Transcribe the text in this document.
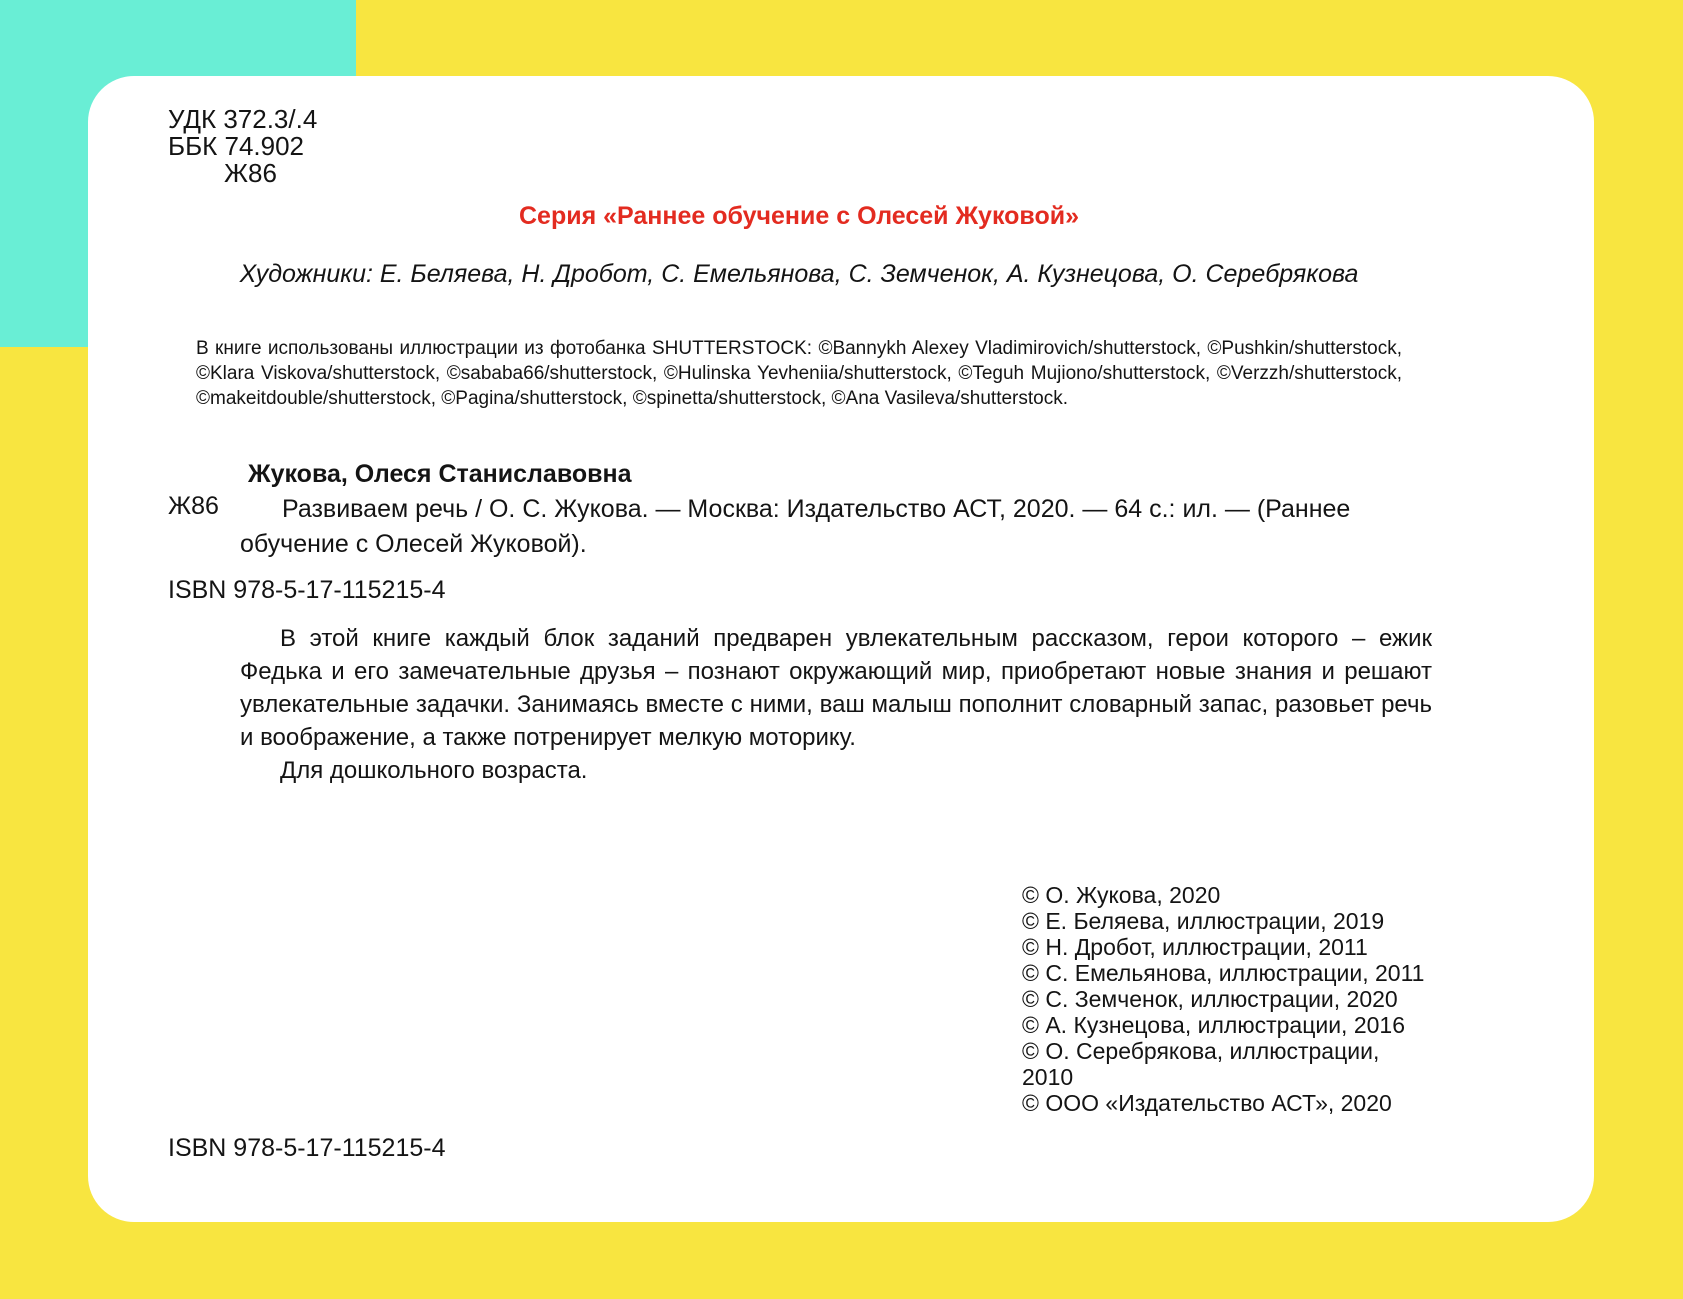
УДК 372.3/.4
ББК 74.902
Ж86
Серия «Раннее обучение с Олесей Жуковой»
Художники: Е. Беляева, Н. Дробот, С. Емельянова, С. Земченок, А. Кузнецова, О. Серебрякова
В книге использованы иллюстрации из фотобанка SHUTTERSTOCK: ©Bannykh Alexey Vladimirovich/shutterstock, ©Pushkin/shutterstock, ©Klara Viskova/shutterstock, ©sababa66/shutterstock, ©Hulinska Yevheniia/shutterstock, ©Teguh Mujiono/shutterstock, ©Verzzh/shutterstock, ©makeitdouble/shutterstock, ©Pagina/shutterstock, ©spinetta/shutterstock, ©Ana Vasileva/shutterstock.
Жукова, Олеся Станиславовна
Ж86	Развиваем речь / О. С. Жукова. — Москва: Издательство АСТ, 2020. — 64 с.: ил. — (Раннее обучение с Олесей Жуковой).
ISBN 978-5-17-115215-4

В этой книге каждый блок заданий предварен увлекательным рассказом, герои которого – ежик Федька и его замечательные друзья – познают окружающий мир, приобретают новые знания и решают увлекательные задачки. Занимаясь вместе с ними, ваш малыш пополнит словарный запас, разовьет речь и воображение, а также потренирует мелкую моторику.

Для дошкольного возраста.

© О. Жукова, 2020
© Е. Беляева, иллюстрации, 2019
© Н. Дробот, иллюстрации, 2011
© С. Емельянова, иллюстрации, 2011
© С. Земченок, иллюстрации, 2020
© А. Кузнецова, иллюстрации, 2016
© О. Серебрякова, иллюстрации, 2010
© ООО «Издательство АСТ», 2020
ISBN 978-5-17-115215-4
